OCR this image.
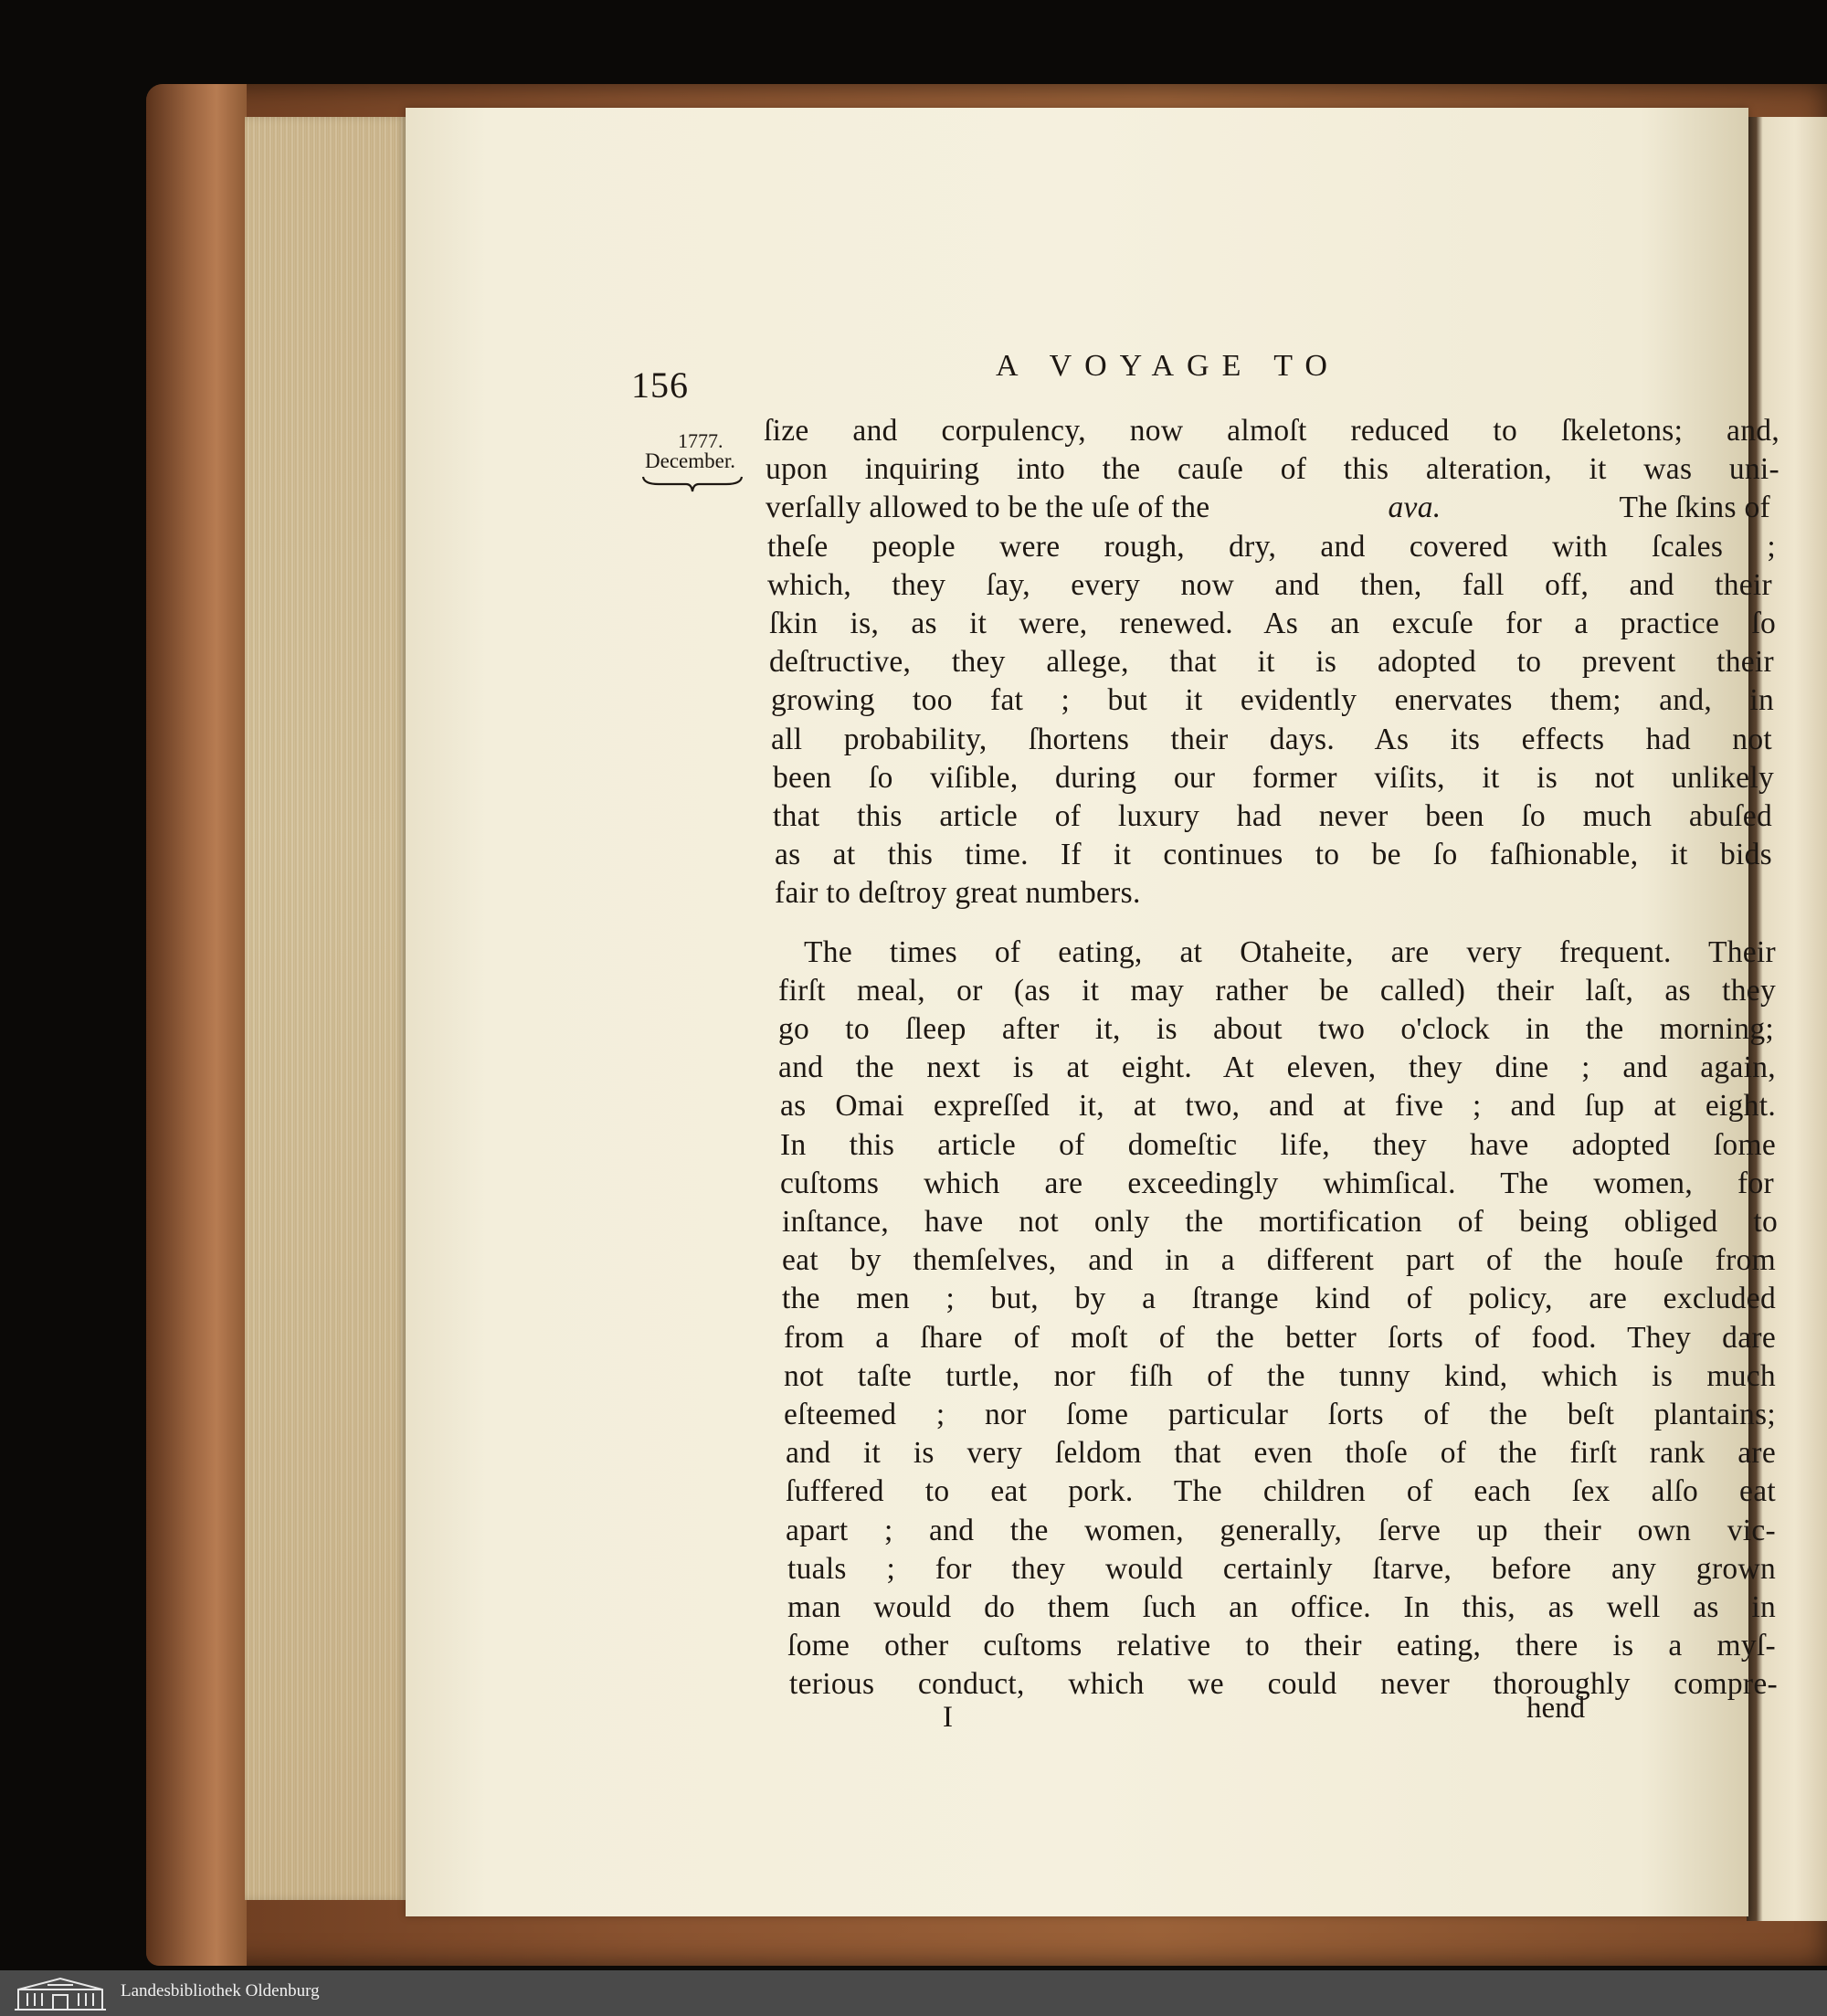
156	A VOYAGE TO
1777.
December.
ſize and corpulency, now almoſt reduced to ſkeletons; and,
upon inquiring into the cauſe of this alteration, it was uni-
theſe people were rough, dry, and covered with ſcales ;
which, they ſay, every now and then, fall off, and their
ſkin is, as it were, renewed. As an excuſe for a practice ſo
deſtructive, they allege, that it is adopted to prevent their
growing too fat ; but it evidently enervates them; and, in
all probability, ſhortens their days. As its effects had not
been ſo viſible, during our former viſits, it is not unlikely
that this article of luxury had never been ſo much abuſed
as at this time. If it continues to be ſo faſhionable, it bids
fair to deſtroy great numbers.
The times of eating, at Otaheite, are very frequent. Their
firſt meal, or (as it may rather be called) their laſt, as they
go to ſleep after it, is about two o'clock in the morning;
and the next is at eight. At eleven, they dine ; and again,
as Omai expreſſed it, at two, and at five ; and ſup at eight.
In this article of domeſtic life, they have adopted ſome
cuſtoms which are exceedingly whimſical. The women, for
inſtance, have not only the mortification of being obliged to
eat by themſelves, and in a different part of the houſe from
the men ; but, by a ſtrange kind of policy, are excluded
from a ſhare of moſt of the better ſorts of food. They dare
not taſte turtle, nor fiſh of the tunny kind, which is much
eſteemed ; nor ſome particular ſorts of the beſt plantains;
and it is very ſeldom that even thoſe of the firſt rank are
ſuffered to eat pork. The children of each ſex alſo eat
apart ; and the women, generally, ſerve up their own vic-
tuals ; for they would certainly ſtarve, before any grown
man would do them ſuch an office. In this, as well as in
ſome other cuſtoms relative to their eating, there is a myſ-
terious conduct, which we could never thoroughly compre-
verſally allowed to be the uſe of the	ava.	The ſkins of
I	hend
Landesbibliothek Oldenburg
